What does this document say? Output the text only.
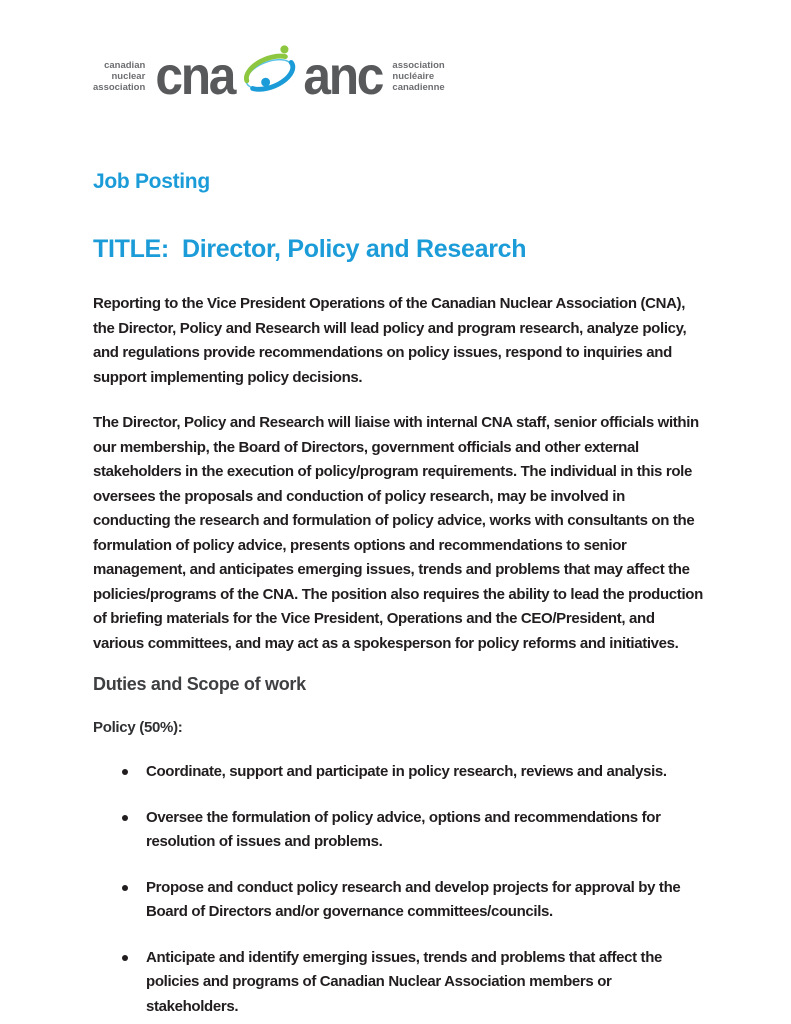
canadian
nuclear
association cna anc association
nucléaire
canadienne
Job Posting
TITLE: Director, Policy and Research

Reporting to the Vice President Operations of the Canadian Nuclear Association (CNA), the Director, Policy and Research will lead policy and program research, analyze policy, and regulations provide recommendations on policy issues, respond to inquiries and support implementing policy decisions.

The Director, Policy and Research will liaise with internal CNA staff, senior officials within our membership, the Board of Directors, government officials and other external stakeholders in the execution of policy/program requirements. The individual in this role oversees the proposals and conduction of policy research, may be involved in conducting the research and formulation of policy advice, works with consultants on the formulation of policy advice, presents options and recommendations to senior management, and anticipates emerging issues, trends and problems that may affect the policies/programs of the CNA. The position also requires the ability to lead the production of briefing materials for the Vice President, Operations and the CEO/President, and various committees, and may act as a spokesperson for policy reforms and initiatives.

Duties and Scope of work
Policy (50%):
Coordinate, support and participate in policy research, reviews and analysis.
Oversee the formulation of policy advice, options and recommendations for resolution of issues and problems.
Propose and conduct policy research and develop projects for approval by the Board of Directors and/or governance committees/councils.
Anticipate and identify emerging issues, trends and problems that affect the policies and programs of Canadian Nuclear Association members or stakeholders.
